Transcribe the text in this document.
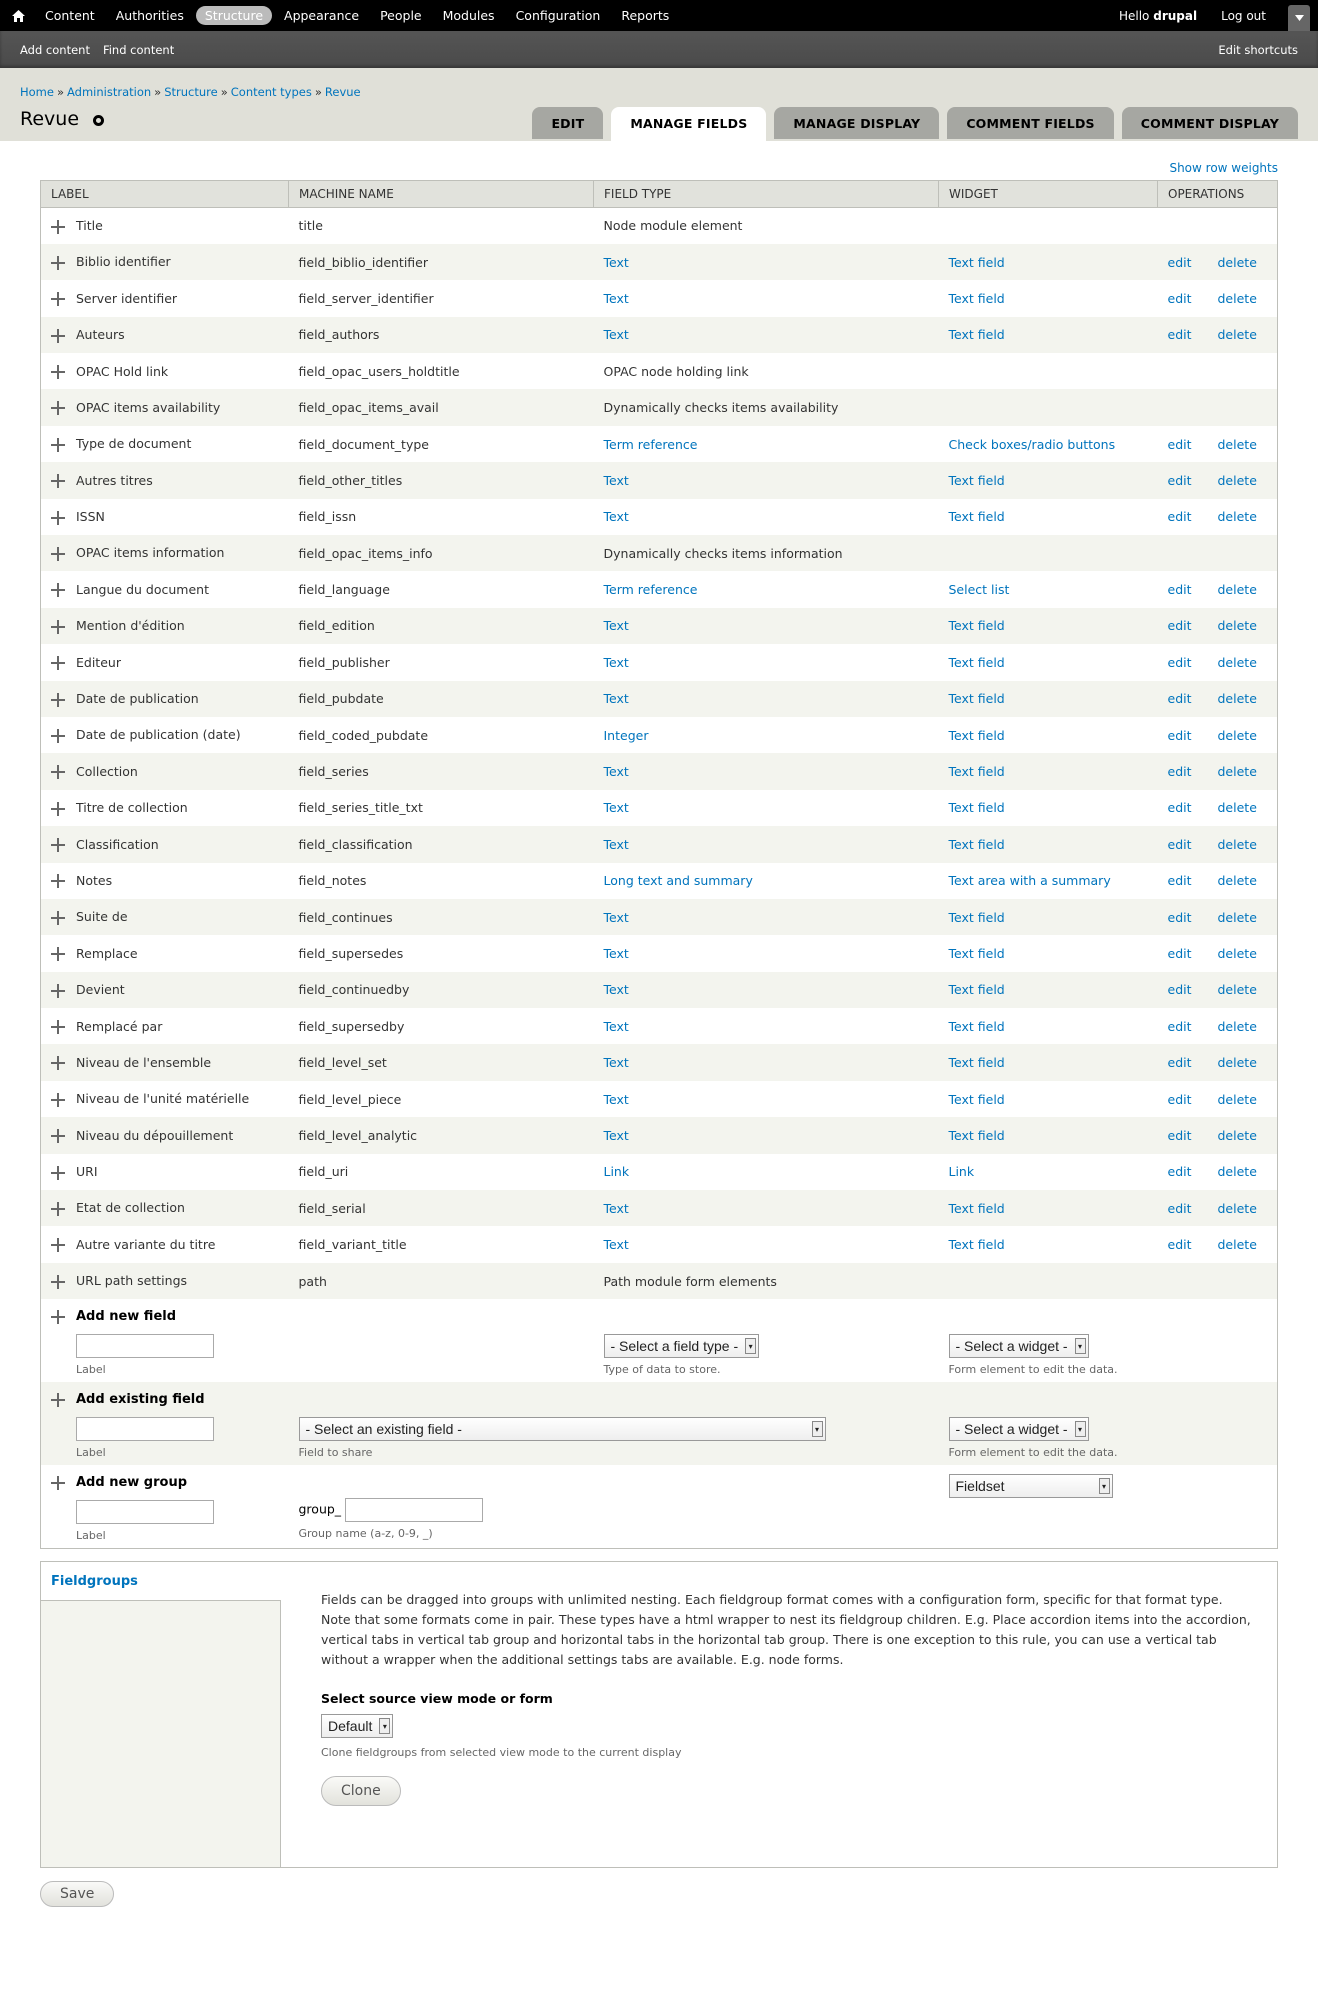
Content	Authorities	Structure	Appearance	People	Modules	Configuration	Reports	Hello drupal Log out
Add content Find content	Edit shortcuts
Home » Administration » Structure » Content types » Revue
Revue	EDIT	MANAGE FIELDS	MANAGE DISPLAY	COMMENT FIELDS	COMMENT DISPLAY
Show row weights
LABEL	MACHINE NAME	FIELD TYPE	WIDGET	OPERATIONS
Title	title	Node module element		
Biblio identifier	field_biblio_identifier	Text	Text field	edit delete
Server identifier	field_server_identifier	Text	Text field	edit delete
Auteurs	field_authors	Text	Text field	edit delete
OPAC Hold link	field_opac_users_holdtitle	OPAC node holding link		
OPAC items availability	field_opac_items_avail	Dynamically checks items availability		
Type de document	field_document_type	Term reference	Check boxes/radio buttons	edit delete
Autres titres	field_other_titles	Text	Text field	edit delete
ISSN	field_issn	Text	Text field	edit delete
OPAC items information	field_opac_items_info	Dynamically checks items information		
Langue du document	field_language	Term reference	Select list	edit delete
Mention d'édition	field_edition	Text	Text field	edit delete
Editeur	field_publisher	Text	Text field	edit delete
Date de publication	field_pubdate	Text	Text field	edit delete
Date de publication (date)	field_coded_pubdate	Integer	Text field	edit delete
Collection	field_series	Text	Text field	edit delete
Titre de collection	field_series_title_txt	Text	Text field	edit delete
Classification	field_classification	Text	Text field	edit delete
Notes	field_notes	Long text and summary	Text area with a summary	edit delete
Suite de	field_continues	Text	Text field	edit delete
Remplace	field_supersedes	Text	Text field	edit delete
Devient	field_continuedby	Text	Text field	edit delete
Remplacé par	field_supersedby	Text	Text field	edit delete
Niveau de l'ensemble	field_level_set	Text	Text field	edit delete
Niveau de l'unité matérielle	field_level_piece	Text	Text field	edit delete
Niveau du dépouillement	field_level_analytic	Text	Text field	edit delete
URI	field_uri	Link	Link	edit delete
Etat de collection	field_serial	Text	Text field	edit delete
Autre variante du titre	field_variant_title	Text	Text field	edit delete
URL path settings	path	Path module form elements		
Add new field
Label		- Select a field type - ▾
Type of data to store.	- Select a widget - ▾
Form element to edit the data.	

Add existing field
Label	- Select an existing field - ▾
Field to share		- Select a widget - ▾
Form element to edit the data.	

Add new group
Label	group_
Group name (a-z, 0-9, _)		Fieldset ▾	
Fieldgroups
Fields can be dragged into groups with unlimited nesting. Each fieldgroup format comes with a configuration form, specific for that format type.
Note that some formats come in pair. These types have a html wrapper to nest its fieldgroup children. E.g. Place accordion items into the accordion, vertical tabs in vertical tab group and horizontal tabs in the horizontal tab group. There is one exception to this rule, you can use a vertical tab without a wrapper when the additional settings tabs are available. E.g. node forms.
Select source view mode or form
Default	▾
Clone fieldgroups from selected view mode to the current display
Clone
Save
